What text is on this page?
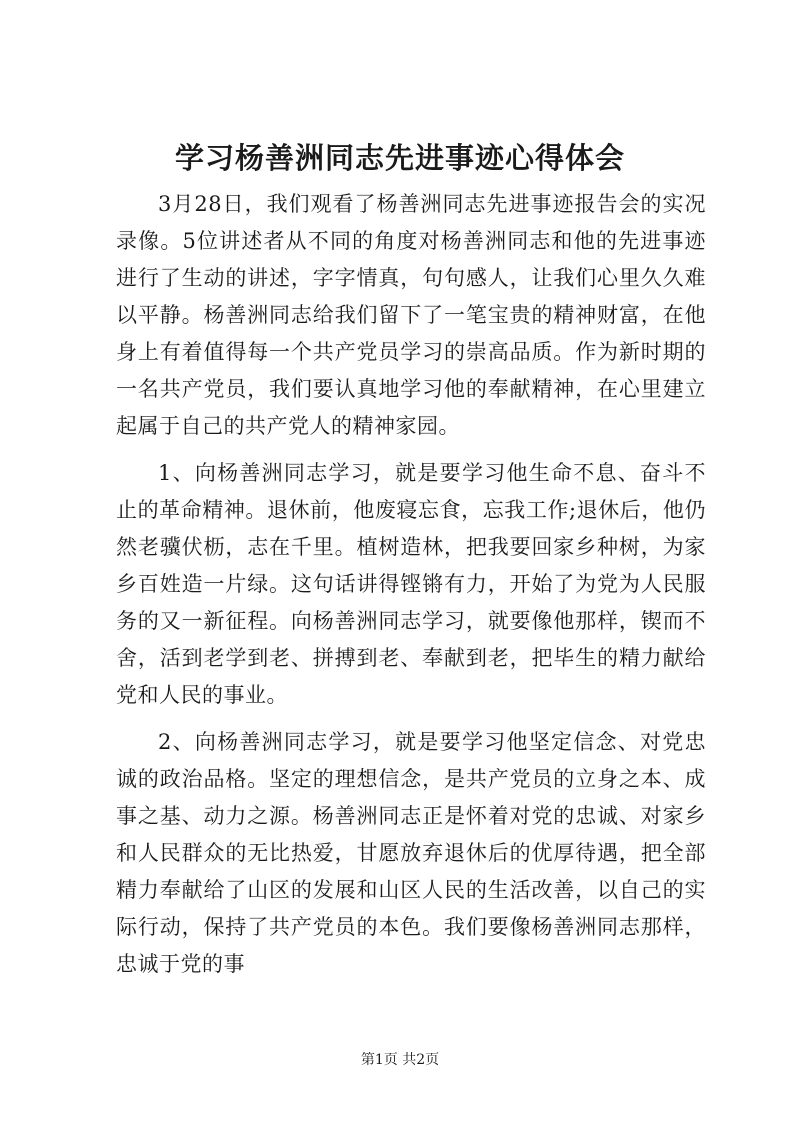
学习杨善洲同志先进事迹心得体会

3月28日，我们观看了杨善洲同志先进事迹报告会的实况录像。5位讲述者从不同的角度对杨善洲同志和他的先进事迹进行了生动的讲述，字字情真，句句感人，让我们心里久久难以平静。杨善洲同志给我们留下了一笔宝贵的精神财富，在他身上有着值得每一个共产党员学习的崇高品质。作为新时期的一名共产党员，我们要认真地学习他的奉献精神，在心里建立起属于自己的共产党人的精神家园。

1、向杨善洲同志学习，就是要学习他生命不息、奋斗不止的革命精神。退休前，他废寝忘食，忘我工作;退休后，他仍然老骥伏枥，志在千里。植树造林，把我要回家乡种树，为家乡百姓造一片绿。这句话讲得铿锵有力，开始了为党为人民服务的又一新征程。向杨善洲同志学习，就要像他那样，锲而不舍，活到老学到老、拼搏到老、奉献到老，把毕生的精力献给党和人民的事业。

2、向杨善洲同志学习，就是要学习他坚定信念、对党忠诚的政治品格。坚定的理想信念，是共产党员的立身之本、成事之基、动力之源。杨善洲同志正是怀着对党的忠诚、对家乡和人民群众的无比热爱，甘愿放弃退休后的优厚待遇，把全部精力奉献给了山区的发展和山区人民的生活改善，以自己的实际行动，保持了共产党员的本色。我们要像杨善洲同志那样，忠诚于党的事

第1页 共2页
